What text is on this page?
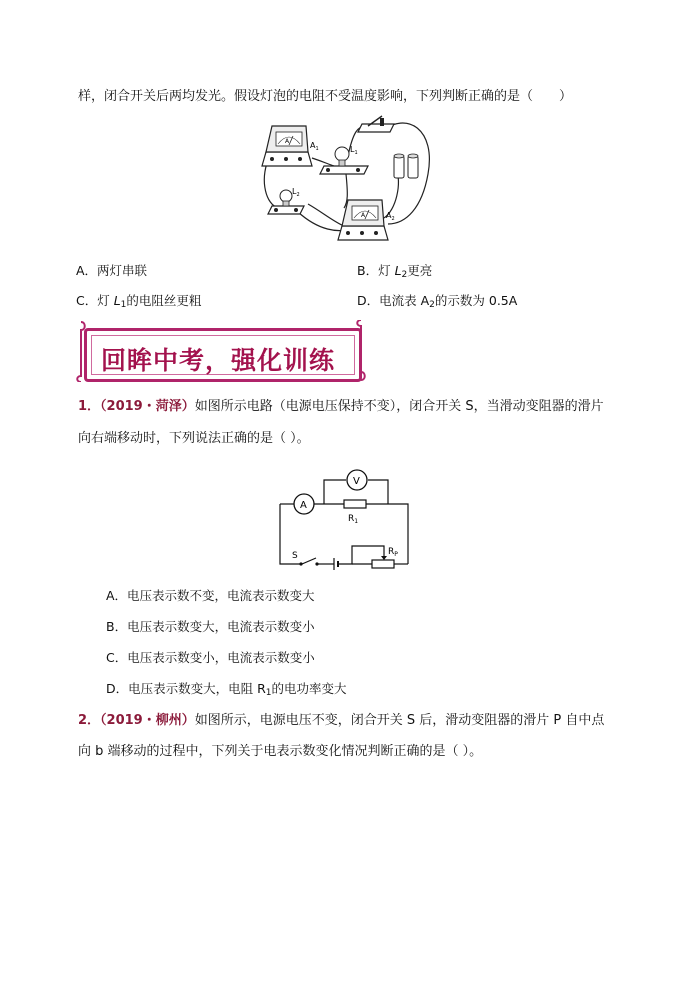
样，闭合开关后两均发光。假设灯泡的电阻不受温度影响，下列判断正确的是（　　）
A	$A_1$	$L_1$
$L_2$
A	$A_2$
A．两灯串联	B．灯 $L_2$更亮
C．灯 $L_1$的电阻丝更粗	D．电流表 $A_2$的示数为 0.5A
回眸中考，强化训练
1．（2019・菏泽）如图所示电路（电源电压保持不变），闭合开关 S，当滑动变阻器的滑片
向右端移动时，下列说法正确的是（ ）。
V
A
$R_1$
S	$R_P$
A．电压表示数不变，电流表示数变大
B．电压表示数变大，电流表示数变小
C．电压表示数变小，电流表示数变小
D．电压表示数变大，电阻 $R_1$的电功率变大
2．（2019・柳州）如图所示，电源电压不变，闭合开关 S 后，滑动变阻器的滑片 P 自中点
向 b 端移动的过程中，下列关于电表示数变化情况判断正确的是（ ）。
